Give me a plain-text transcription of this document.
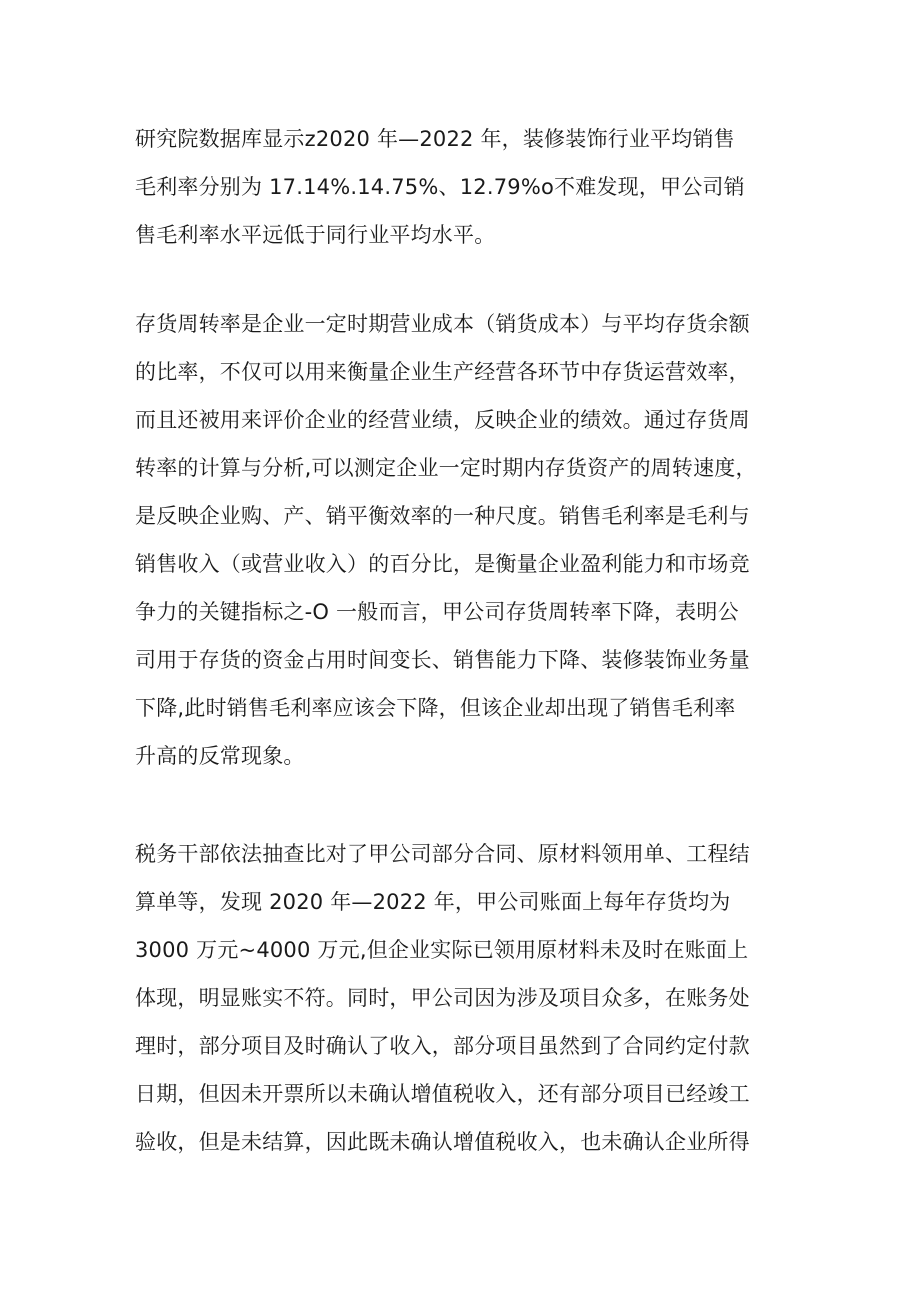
研究院数据库显示z2020 年—2022 年，装修装饰行业平均销售
毛利率分别为 17.14%.14.75%、12.79%o不难发现，甲公司销
售毛利率水平远低于同行业平均水平。
存货周转率是企业一定时期营业成本（销货成本）与平均存货余额
的比率，不仅可以用来衡量企业生产经营各环节中存货运营效率，
而且还被用来评价企业的经营业绩，反映企业的绩效。通过存货周
转率的计算与分析,可以测定企业一定时期内存货资产的周转速度，
是反映企业购、产、销平衡效率的一种尺度。销售毛利率是毛利与
销售收入（或营业收入）的百分比，是衡量企业盈利能力和市场竞
争力的关键指标之-O 一般而言，甲公司存货周转率下降，表明公
司用于存货的资金占用时间变长、销售能力下降、装修装饰业务量
下降,此时销售毛利率应该会下降，但该企业却出现了销售毛利率
升高的反常现象。
税务干部依法抽查比对了甲公司部分合同、原材料领用单、工程结
算单等，发现 2020 年—2022 年，甲公司账面上每年存货均为
3000 万元~4000 万元,但企业实际已领用原材料未及时在账面上
体现，明显账实不符。同时，甲公司因为涉及项目众多，在账务处
理时，部分项目及时确认了收入，部分项目虽然到了合同约定付款
日期，但因未开票所以未确认增值税收入，还有部分项目已经竣工
验收，但是未结算，因此既未确认增值税收入，也未确认企业所得
